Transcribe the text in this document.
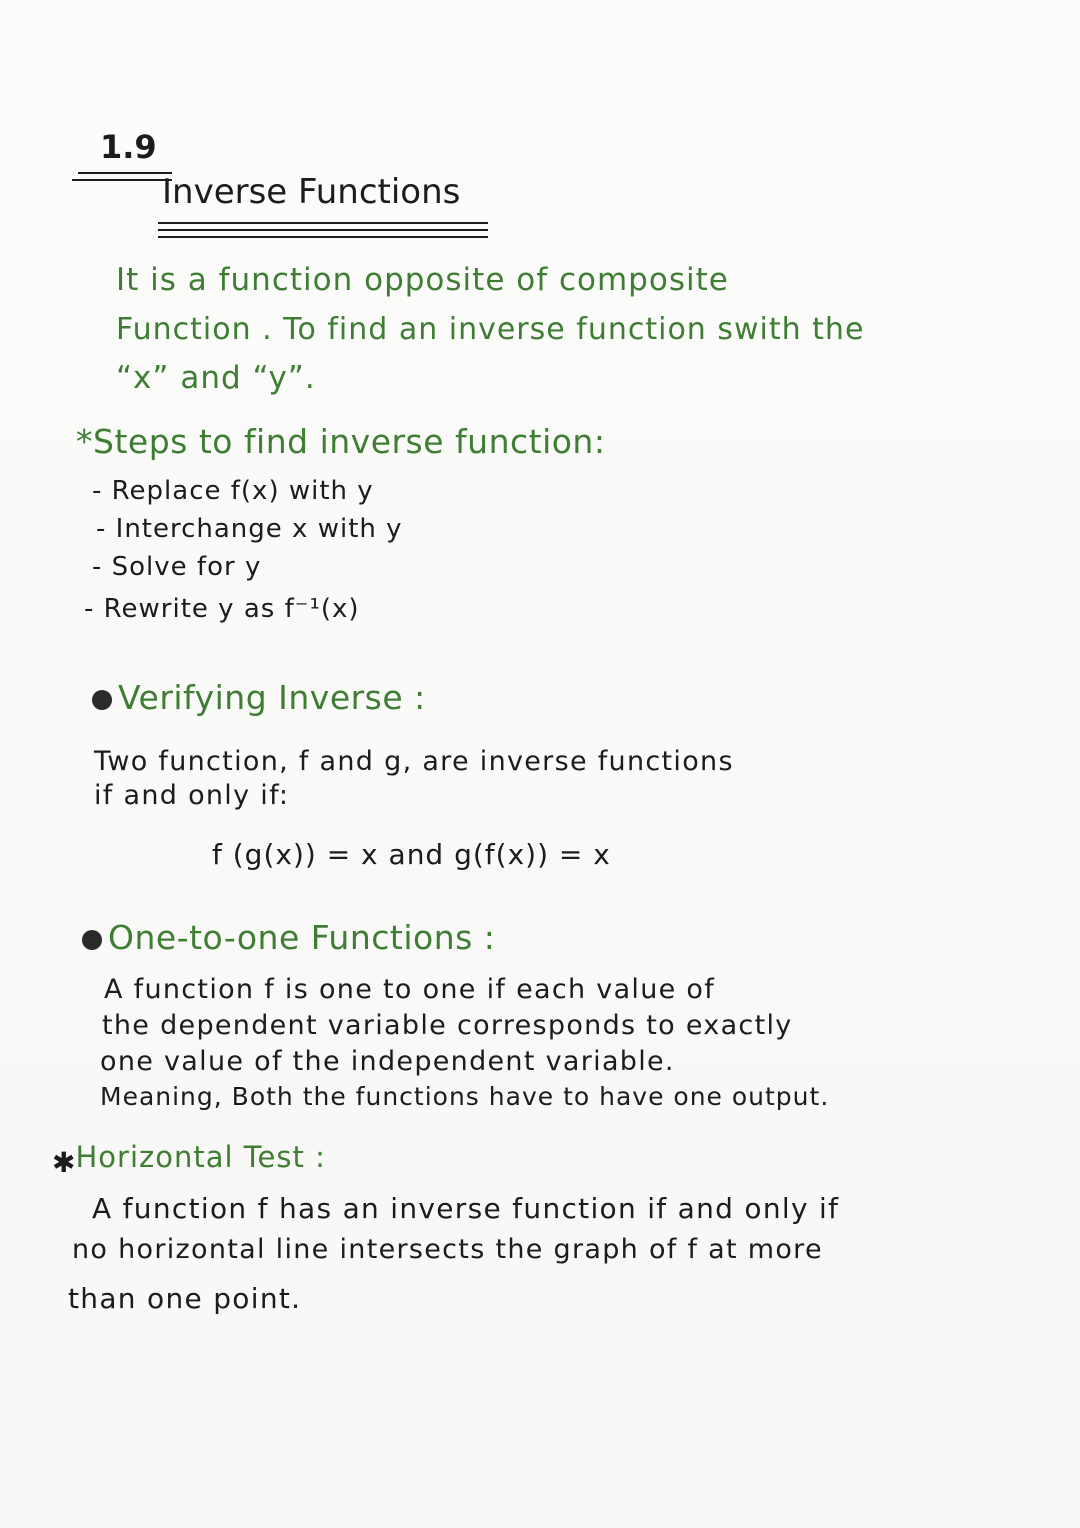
1.9
Inverse Functions
It is a function opposite of composite
Function . To find an inverse function swith the
“x” and “y”.
*Steps to find inverse function:
- Replace f(x) with y
- Interchange x with y
- Solve for y
- Rewrite y as f⁻¹(x)
Verifying Inverse :
Two function, f and g, are inverse functions
if and only if:
f (g(x)) = x and g(f(x)) = x
One-to-one Functions :
A function f is one to one if each value of
the dependent variable corresponds to exactly
one value of the independent variable.
Meaning, Both the functions have to have one output.
✱Horizontal Test :
A function f has an inverse function if and only if
no horizontal line intersects the graph of f at more
than one point.
